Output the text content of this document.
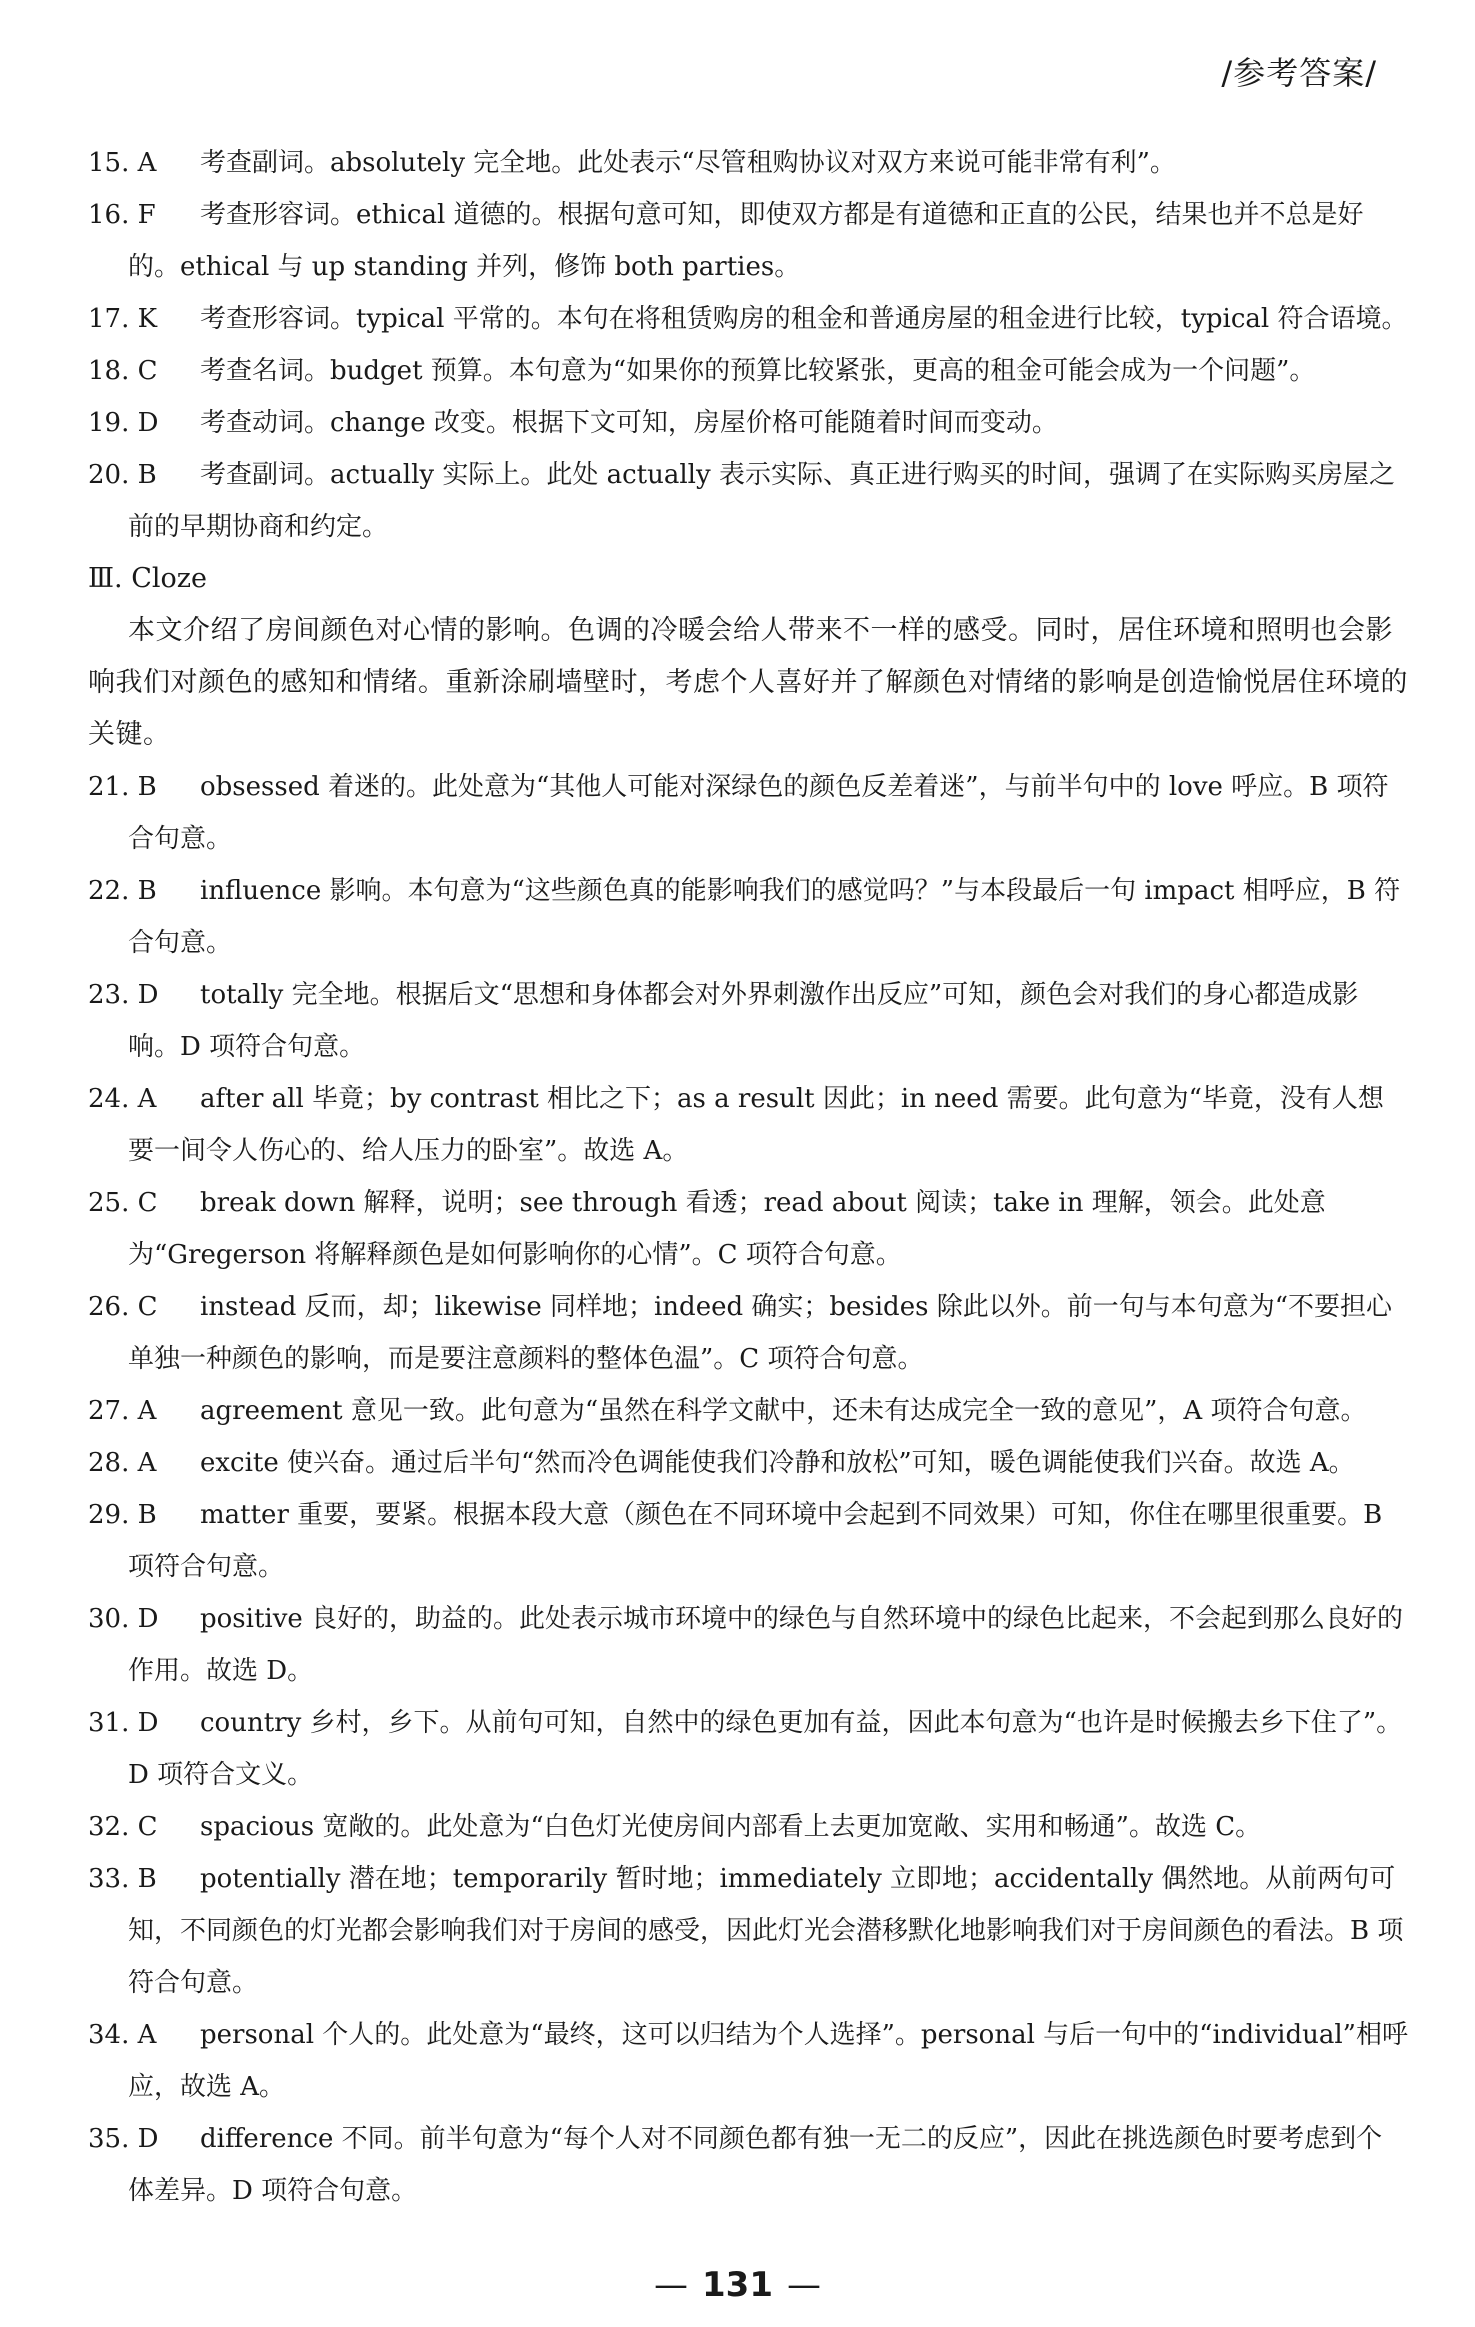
/参考答案/
15. A 考查副词。absolutely 完全地。此处表示“尽管租购协议对双方来说可能非常有利”。
16. F 考查形容词。ethical 道德的。根据句意可知，即使双方都是有道德和正直的公民，结果也并不总是好的。ethical 与 up standing 并列，修饰 both parties。
17. K 考查形容词。typical 平常的。本句在将租赁购房的租金和普通房屋的租金进行比较，typical 符合语境。
18. C 考查名词。budget 预算。本句意为“如果你的预算比较紧张，更高的租金可能会成为一个问题”。
19. D 考查动词。change 改变。根据下文可知，房屋价格可能随着时间而变动。
20. B 考查副词。actually 实际上。此处 actually 表示实际、真正进行购买的时间，强调了在实际购买房屋之前的早期协商和约定。
Ⅲ. Cloze
本文介绍了房间颜色对心情的影响。色调的冷暖会给人带来不一样的感受。同时，居住环境和照明也会影响我们对颜色的感知和情绪。重新涂刷墙壁时，考虑个人喜好并了解颜色对情绪的影响是创造愉悦居住环境的关键。
21. B obsessed 着迷的。此处意为“其他人可能对深绿色的颜色反差着迷”，与前半句中的 love 呼应。B 项符合句意。
22. B influence 影响。本句意为“这些颜色真的能影响我们的感觉吗？”与本段最后一句 impact 相呼应，B 符合句意。
23. D totally 完全地。根据后文“思想和身体都会对外界刺激作出反应”可知，颜色会对我们的身心都造成影响。D 项符合句意。
24. A after all 毕竟；by contrast 相比之下；as a result 因此；in need 需要。此句意为“毕竟，没有人想要一间令人伤心的、给人压力的卧室”。故选 A。
25. C break down 解释，说明；see through 看透；read about 阅读；take in 理解，领会。此处意为“Gregerson 将解释颜色是如何影响你的心情”。C 项符合句意。
26. C instead 反而，却；likewise 同样地；indeed 确实；besides 除此以外。前一句与本句意为“不要担心单独一种颜色的影响，而是要注意颜料的整体色温”。C 项符合句意。
27. A agreement 意见一致。此句意为“虽然在科学文献中，还未有达成完全一致的意见”，A 项符合句意。
28. A excite 使兴奋。通过后半句“然而冷色调能使我们冷静和放松”可知，暖色调能使我们兴奋。故选 A。
29. B matter 重要，要紧。根据本段大意（颜色在不同环境中会起到不同效果）可知，你住在哪里很重要。B 项符合句意。
30. D positive 良好的，助益的。此处表示城市环境中的绿色与自然环境中的绿色比起来，不会起到那么良好的作用。故选 D。
31. D country 乡村，乡下。从前句可知，自然中的绿色更加有益，因此本句意为“也许是时候搬去乡下住了”。D 项符合文义。
32. C spacious 宽敞的。此处意为“白色灯光使房间内部看上去更加宽敞、实用和畅通”。故选 C。
33. B potentially 潜在地；temporarily 暂时地；immediately 立即地；accidentally 偶然地。从前两句可知，不同颜色的灯光都会影响我们对于房间的感受，因此灯光会潜移默化地影响我们对于房间颜色的看法。B 项符合句意。
34. A personal 个人的。此处意为“最终，这可以归结为个人选择”。personal 与后一句中的“individual”相呼应，故选 A。
35. D difference 不同。前半句意为“每个人对不同颜色都有独一无二的反应”，因此在挑选颜色时要考虑到个体差异。D 项符合句意。
— 131 —
